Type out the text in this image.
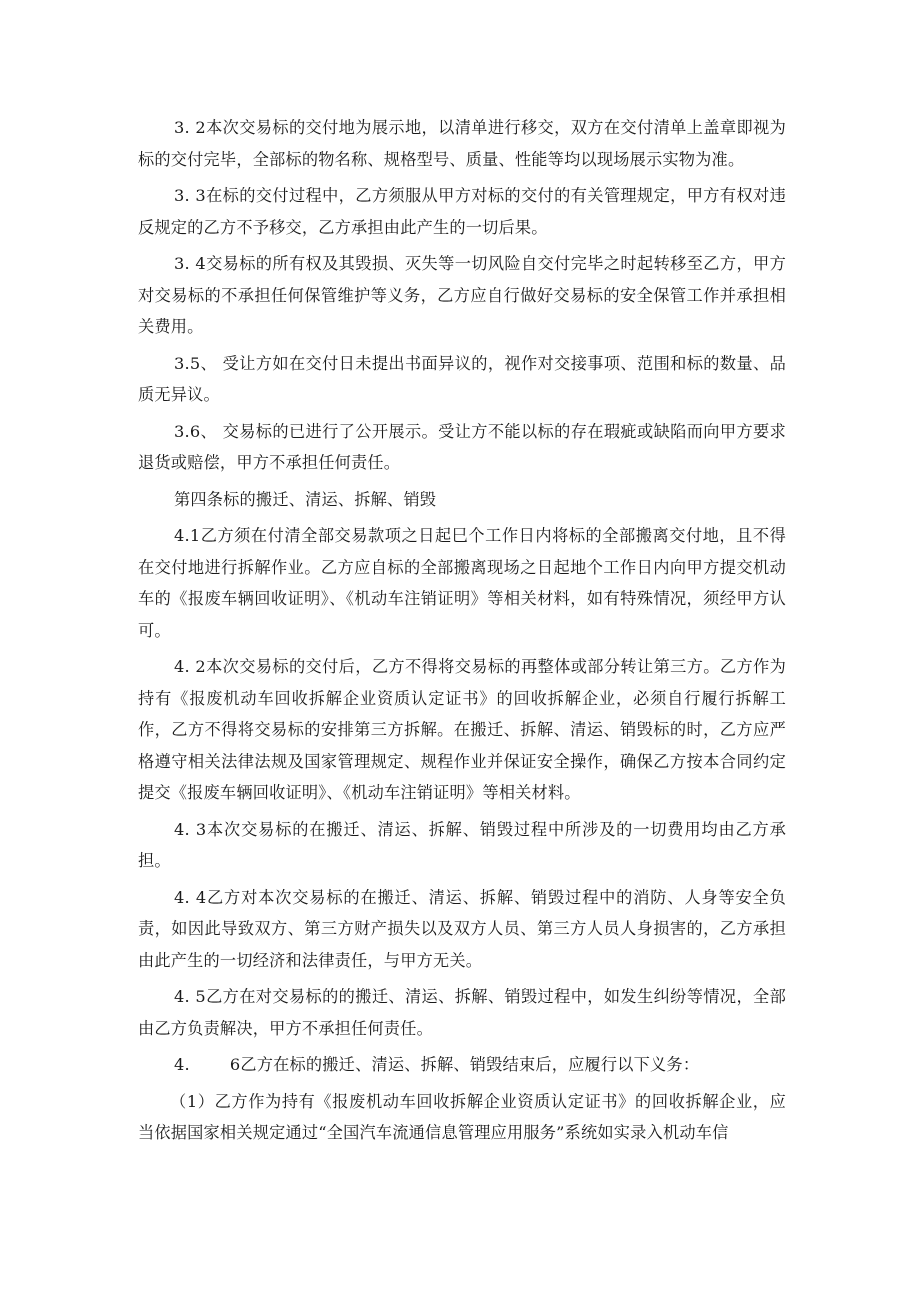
3. 2本次交易标的交付地为展示地，以清单进行移交，双方在交付清单上盖章即视为标的交付完毕，全部标的物名称、规格型号、质量、性能等均以现场展示实物为准。

3. 3在标的交付过程中，乙方须服从甲方对标的交付的有关管理规定，甲方有权对违反规定的乙方不予移交，乙方承担由此产生的一切后果。

3. 4交易标的所有权及其毁损、灭失等一切风险自交付完毕之时起转移至乙方，甲方对交易标的不承担任何保管维护等义务，乙方应自行做好交易标的安全保管工作并承担相关费用。

3.5、 受让方如在交付日未提出书面异议的，视作对交接事项、范围和标的数量、品质无异议。

3.6、 交易标的已进行了公开展示。受让方不能以标的存在瑕疵或缺陷而向甲方要求退货或赔偿，甲方不承担任何责任。

第四条标的搬迁、清运、拆解、销毁

4.1乙方须在付清全部交易款项之日起巳个工作日内将标的全部搬离交付地，且不得在交付地进行拆解作业。乙方应自标的全部搬离现场之日起地个工作日内向甲方提交机动车的《报废车辆回收证明》、《机动车注销证明》等相关材料，如有特殊情况，须经甲方认可。

4. 2本次交易标的交付后，乙方不得将交易标的再整体或部分转让第三方。乙方作为持有《报废机动车回收拆解企业资质认定证书》的回收拆解企业，必须自行履行拆解工作，乙方不得将交易标的安排第三方拆解。在搬迁、拆解、清运、销毁标的时，乙方应严格遵守相关法律法规及国家管理规定、规程作业并保证安全操作，确保乙方按本合同约定提交《报废车辆回收证明》、《机动车注销证明》等相关材料。

4. 3本次交易标的在搬迁、清运、拆解、销毁过程中所涉及的一切费用均由乙方承担。

4. 4乙方对本次交易标的在搬迁、清运、拆解、销毁过程中的消防、人身等安全负责，如因此导致双方、第三方财产损失以及双方人员、第三方人员人身损害的，乙方承担由此产生的一切经济和法律责任，与甲方无关。

4. 5乙方在对交易标的的搬迁、清运、拆解、销毁过程中，如发生纠纷等情况，全部由乙方负责解决，甲方不承担任何责任。

4. 6乙方在标的搬迁、清运、拆解、销毁结束后，应履行以下义务：

（1）乙方作为持有《报废机动车回收拆解企业资质认定证书》的回收拆解企业，应当依据国家相关规定通过“全国汽车流通信息管理应用服务”系统如实录入机动车信
